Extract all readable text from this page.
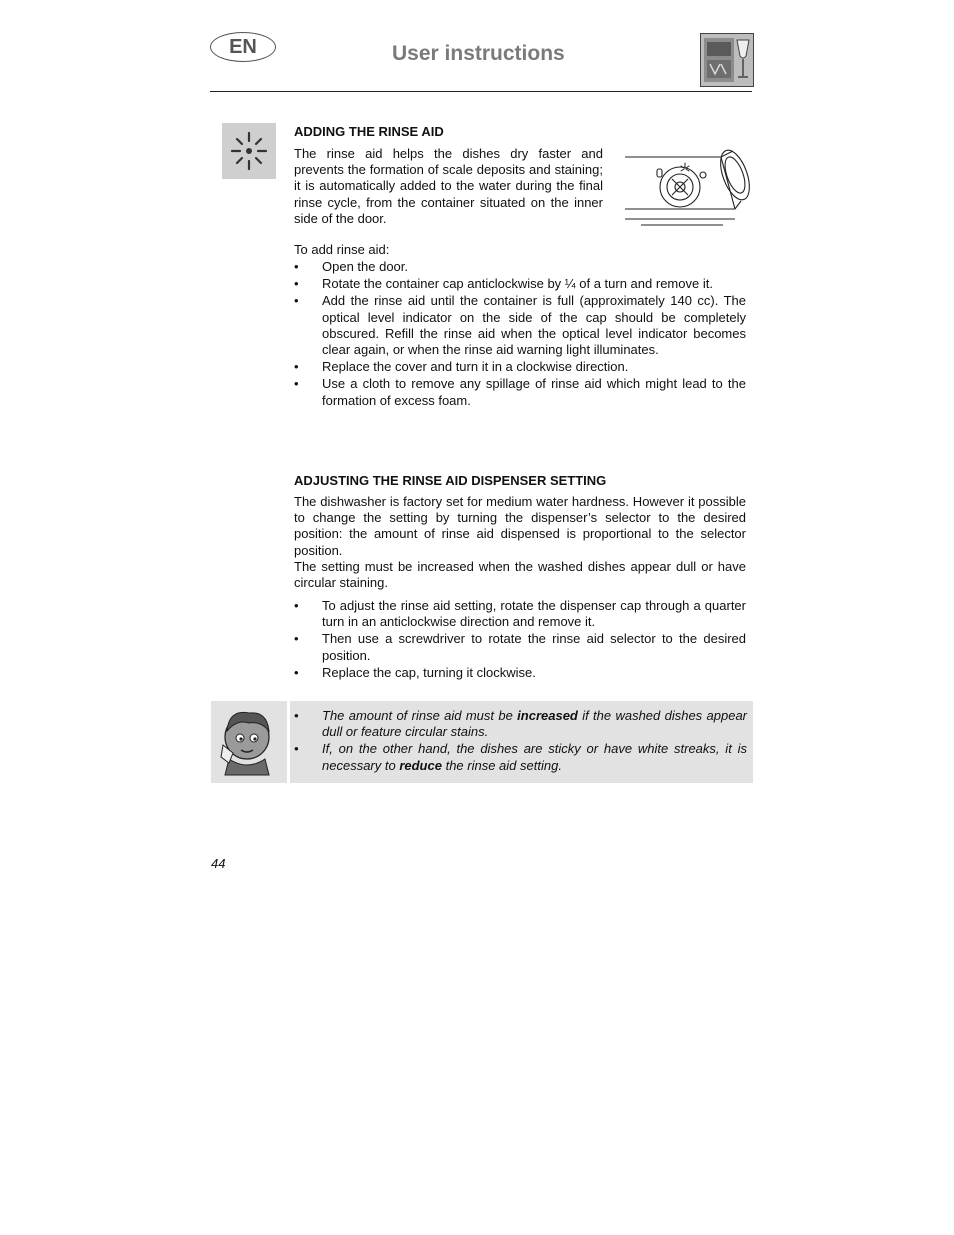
EN	User instructions
ADDING THE RINSE AID

The rinse aid helps the dishes dry faster and prevents the formation of scale deposits and staining; it is automatically added to the water during the final rinse cycle, from the container situated on the inner side of the door.

To add rinse aid:
• Open the door.
• Rotate the container cap anticlockwise by ¼ of a turn and remove it.
• Add the rinse aid until the container is full (approximately 140 cc). The optical level indicator on the side of the cap should be completely obscured. Refill the rinse aid when the optical level indicator becomes clear again, or when the rinse aid warning light illuminates.
• Replace the cover and turn it in a clockwise direction.
• Use a cloth to remove any spillage of rinse aid which might lead to the formation of excess foam.
ADJUSTING THE RINSE AID DISPENSER SETTING

The dishwasher is factory set for medium water hardness. However it possible to change the setting by turning the dispenser’s selector to the desired position: the amount of rinse aid dispensed is proportional to the selector position.

The setting must be increased when the washed dishes appear dull or have circular staining.

• To adjust the rinse aid setting, rotate the dispenser cap through a quarter turn in an anticlockwise direction and remove it.
• Then use a screwdriver to rotate the rinse aid selector to the desired position.
• Replace the cap, turning it clockwise.
• The amount of rinse aid must be increased if the washed dishes appear dull or feature circular stains.
• If, on the other hand, the dishes are sticky or have white streaks, it is necessary to reduce the rinse aid setting.
44
